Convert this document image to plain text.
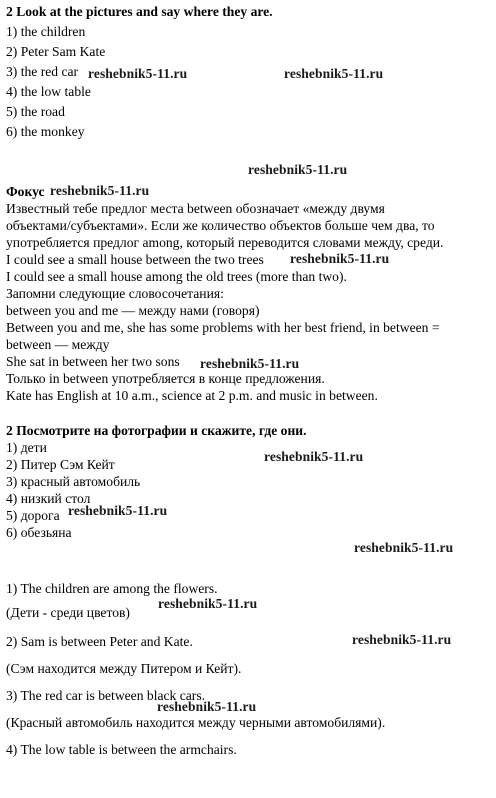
2 Look at the pictures and say where they are.
1) the children
2) Peter Sam Kate
3) the red car
4) the low table
5) the road
6) the monkey
Фокус
Известный тебе предлог места between обозначает «между двумя
объектами/субъектами». Если же количество объектов больше чем два, то
употребляется предлог among, который переводится словами между, среди.
I could see a small house between the two trees
I could see a small house among the old trees (more than two).
Запомни следующие словосочетания:
between you and me — между нами (говоря)
Between you and me, she has some problems with her best friend, in between =
between — между
She sat in between her two sons
Только in between употребляется в конце предложения.
Kate has English at 10 a.m., science at 2 p.m. and music in between.
2 Посмотрите на фотографии и скажите, где они.
1) дети
2) Питер Сэм Кейт
3) красный автомобиль
4) низкий стол
5) дорога
6) обезьяна
1) The children are among the flowers.
(Дети - среди цветов)
2) Sam is between Peter and Kate.
(Сэм находится между Питером и Кейт).
3) The red car is between black cars.
(Красный автомобиль находится между черными автомобилями).
4) The low table is between the armchairs.
reshebnik5-11.ru	reshebnik5-11.ru
reshebnik5-11.ru
reshebnik5-11.ru
reshebnik5-11.ru
reshebnik5-11.ru
reshebnik5-11.ru
reshebnik5-11.ru
reshebnik5-11.ru
reshebnik5-11.ru
reshebnik5-11.ru
reshebnik5-11.ru
